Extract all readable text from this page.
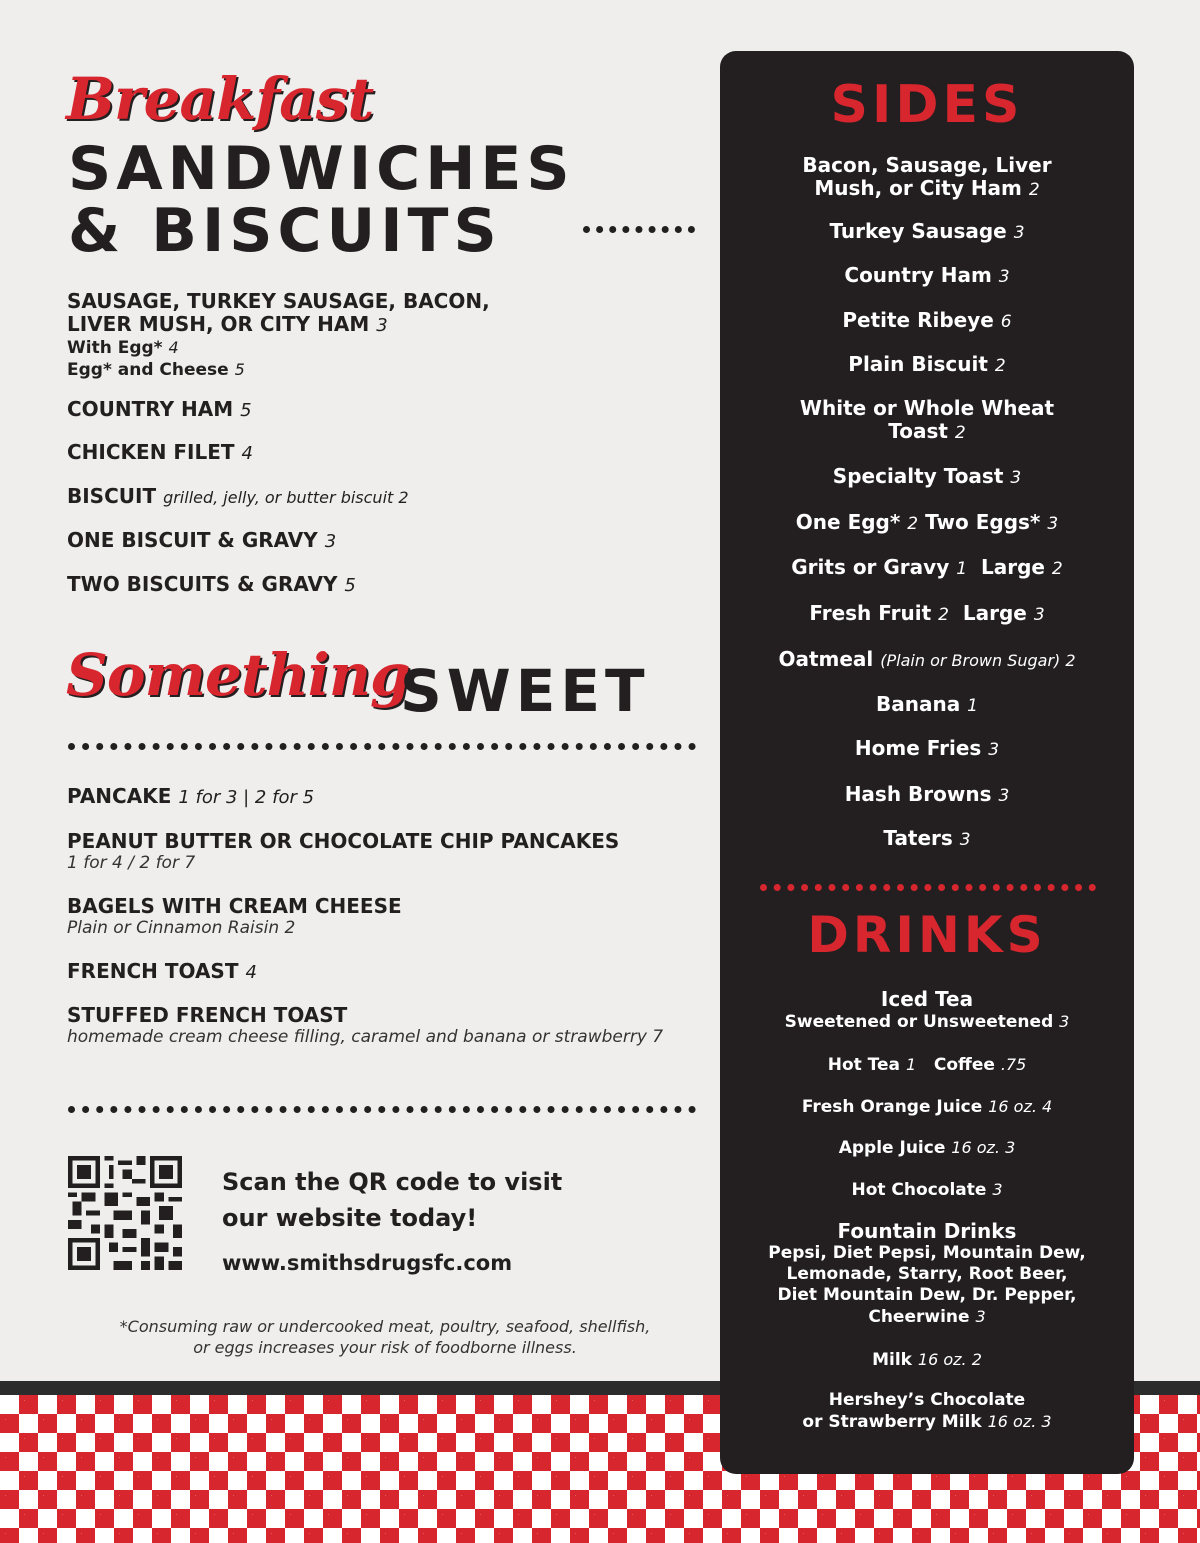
Breakfast
SANDWICHES
& BISCUITS
SAUSAGE, TURKEY SAUSAGE, BACON,
LIVER MUSH, OR CITY HAM 3
With Egg* 4
Egg* and Cheese 5
COUNTRY HAM 5
CHICKEN FILET 4
BISCUIT grilled, jelly, or butter biscuit 2
ONE BISCUIT & GRAVY 3
TWO BISCUITS & GRAVY 5
Something
SWEET
PANCAKE 1 for 3 | 2 for 5
PEANUT BUTTER OR CHOCOLATE CHIP PANCAKES
1 for 4 / 2 for 7
BAGELS WITH CREAM CHEESE
Plain or Cinnamon Raisin 2
FRENCH TOAST 4
STUFFED FRENCH TOAST
homemade cream cheese filling, caramel and banana or strawberry 7
Scan the QR code to visit
our website today!
www.smithsdrugsfc.com
*Consuming raw or undercooked meat, poultry, seafood, shellfish,
or eggs increases your risk of foodborne illness.
SIDES
Bacon, Sausage, Liver
Mush, or City Ham 2
Turkey Sausage 3
Country Ham 3
Petite Ribeye 6
Plain Biscuit 2
White or Whole Wheat
Toast 2
Specialty Toast 3
One Egg* 2 Two Eggs* 3
Grits or Gravy 1 Large 2
Fresh Fruit 2 Large 3
Oatmeal (Plain or Brown Sugar) 2
Banana 1
Home Fries 3
Hash Browns 3
Taters 3
DRINKS
Iced Tea
Sweetened or Unsweetened 3
Hot Tea 1 Coffee .75
Fresh Orange Juice 16 oz. 4
Apple Juice 16 oz. 3
Hot Chocolate 3
Fountain Drinks
Pepsi, Diet Pepsi, Mountain Dew,
Lemonade, Starry, Root Beer,
Diet Mountain Dew, Dr. Pepper,
Cheerwine 3
Milk 16 oz. 2
Hershey’s Chocolate
or Strawberry Milk 16 oz. 3
